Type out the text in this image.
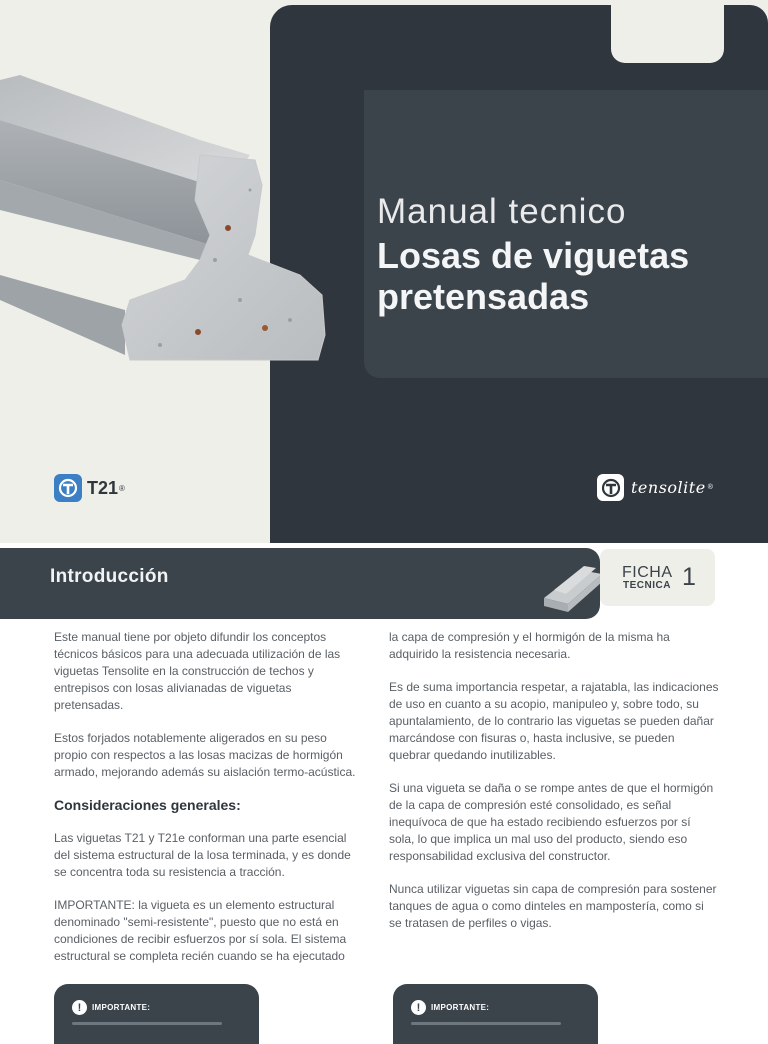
Manual tecnico
Losas de viguetas pretensadas
T21 ®	tensolite ®
Introducción	FICHA
TECNICA 1

Este manual tiene por objeto difundir los conceptos técnicos básicos para una adecuada utilización de las viguetas Tensolite en la construcción de techos y entrepisos con losas alivianadas de viguetas pretensadas.

Estos forjados notablemente aligerados en su peso propio con respectos a las losas macizas de hormigón armado, mejorando además su aislación termo-acústica.

Consideraciones generales:

Las viguetas T21 y T21e conforman una parte esencial del sistema estructural de la losa terminada, y es donde se concentra toda su resistencia a tracción.

IMPORTANTE: la vigueta es un elemento estructural denominado "semi-resistente", puesto que no está en condiciones de recibir esfuerzos por sí sola. El sistema estructural se completa recién cuando se ha ejecutado

la capa de compresión y el hormigón de la misma ha adquirido la resistencia necesaria.

Es de suma importancia respetar, a rajatabla, las indicaciones de uso en cuanto a su acopio, manipuleo y, sobre todo, su apuntalamiento, de lo contrario las viguetas se pueden dañar marcándose con fisuras o, hasta inclusive, se pueden quebrar quedando inutilizables.

Si una vigueta se daña o se rompe antes de que el hormigón de la capa de compresión esté consolidado, es señal inequívoca de que ha estado recibiendo esfuerzos por sí sola, lo que implica un mal uso del producto, siendo eso responsabilidad exclusiva del constructor.

Nunca utilizar viguetas sin capa de compresión para sostener tanques de agua o como dinteles en mampostería, como si se tratasen de perfiles o vigas.

!	IMPORTANTE:	!	IMPORTANTE:
